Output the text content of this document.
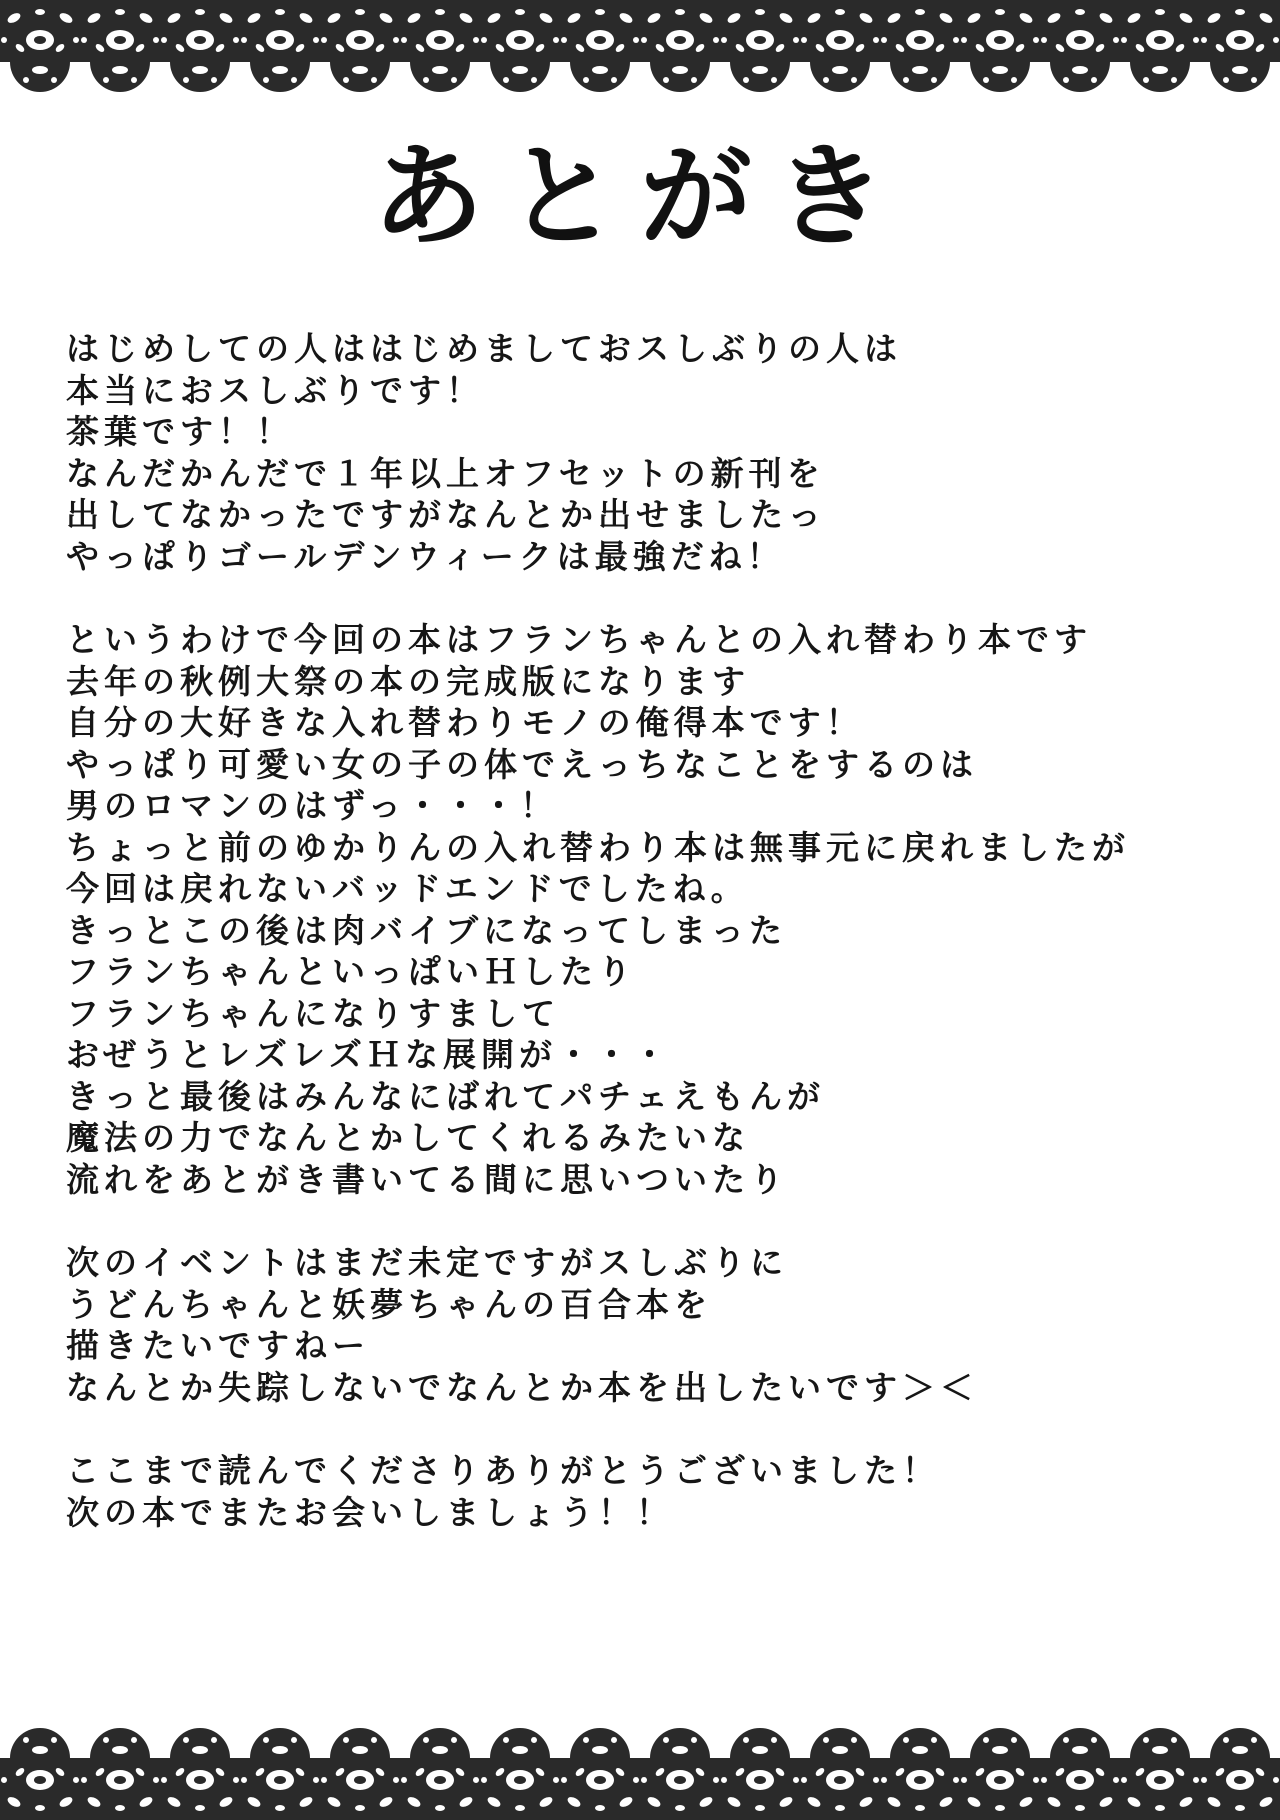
あとがき
はじめしての人ははじめましておスしぶりの人は
本当におスしぶりです！
茶葉です！！
なんだかんだで１年以上オフセットの新刊を
出してなかったですがなんとか出せましたっ
やっぱりゴールデンウィークは最強だね！
というわけで今回の本はフランちゃんとの入れ替わり本です
去年の秋例大祭の本の完成版になります
自分の大好きな入れ替わりモノの俺得本です！
やっぱり可愛い女の子の体でえっちなことをするのは
男のロマンのはずっ・・・！
ちょっと前のゆかりんの入れ替わり本は無事元に戻れましたが
今回は戻れないバッドエンドでしたね。
きっとこの後は肉バイブになってしまった
フランちゃんといっぱいＨしたり
フランちゃんになりすまして
おぜうとレズレズＨな展開が・・・
きっと最後はみんなにばれてパチェえもんが
魔法の力でなんとかしてくれるみたいな
流れをあとがき書いてる間に思いついたり
次のイベントはまだ未定ですがスしぶりに
うどんちゃんと妖夢ちゃんの百合本を
描きたいですねー
なんとか失踪しないでなんとか本を出したいです＞＜
ここまで読んでくださりありがとうございました！
次の本でまたお会いしましょう！！
